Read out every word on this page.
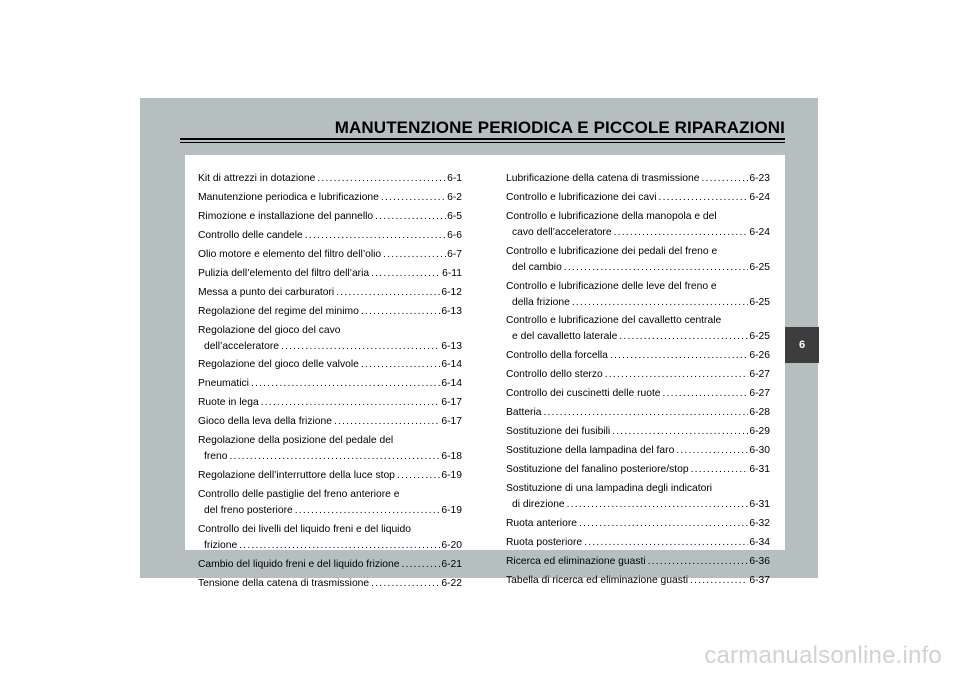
MANUTENZIONE PERIODICA E PICCOLE RIPARAZIONI
Kit di attrezzi in dotazione .....	6-1
Manutenzione periodica e lubrificazione .....	6-2
Rimozione e installazione del pannello .....	6-5
Controllo delle candele .....	6-6
Olio motore e elemento del filtro dell’olio .....	6-7
Pulizia dell’elemento del filtro dell’aria .....	6-11
Messa a punto dei carburatori .....	6-12
Regolazione del regime del minimo .....	6-13
Regolazione del gioco del cavo
dell’acceleratore .....	6-13
Regolazione del gioco delle valvole .....	6-14
Pneumatici .....	6-14
Ruote in lega .....	6-17
Gioco della leva della frizione .....	6-17
Regolazione della posizione del pedale del
freno .....	6-18
Regolazione dell’interruttore della luce stop .....	6-19
Controllo delle pastiglie del freno anteriore e
del freno posteriore .....	6-19
Controllo dei livelli del liquido freni e del liquido
frizione .....	6-20
Cambio del liquido freni e del liquido frizione .....	6-21
Tensione della catena di trasmissione .....	6-22
Lubrificazione della catena di trasmissione .....	6-23
Controllo e lubrificazione dei cavi .....	6-24
Controllo e lubrificazione della manopola e del
cavo dell’acceleratore .....	6-24
Controllo e lubrificazione dei pedali del freno e
del cambio .....	6-25
Controllo e lubrificazione delle leve del freno e
della frizione .....	6-25
Controllo e lubrificazione del cavalletto centrale
e del cavalletto laterale .....	6-25
Controllo della forcella .....	6-26
Controllo dello sterzo .....	6-27
Controllo dei cuscinetti delle ruote .....	6-27
Batteria .....	6-28
Sostituzione dei fusibili .....	6-29
Sostituzione della lampadina del faro .....	6-30
Sostituzione del fanalino posteriore/stop .....	6-31
Sostituzione di una lampadina degli indicatori
di direzione .....	6-31
Ruota anteriore .....	6-32
Ruota posteriore .....	6-34
Ricerca ed eliminazione guasti .....	6-36
Tabella di ricerca ed eliminazione guasti .....	6-37
6
carmanualsonline.info
